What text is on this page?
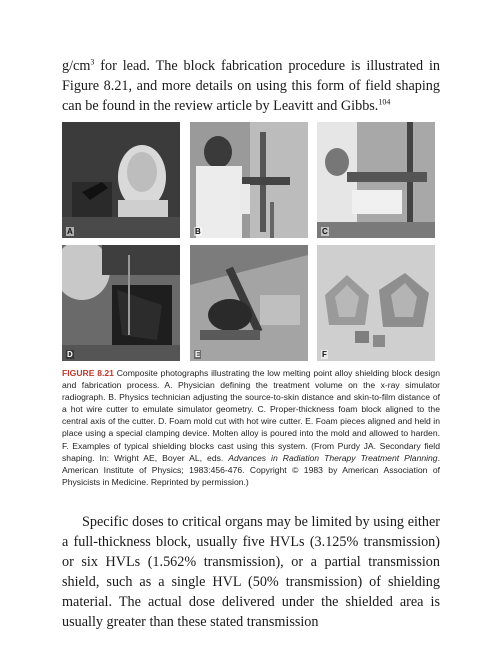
$g/cm^3$ for lead. The block fabrication procedure is illustrated in Figure 8.21, and more details on using this form of field shaping can be found in the review article by Leavitt and Gibbs.$^{104}$

A	B	C
D	E	F

FIGURE 8.21 Composite photographs illustrating the low melting point alloy shielding block design and fabrication process. A. Physician defining the treatment volume on the x-ray simulator radiograph. B. Physics technician adjusting the source-to-skin distance and skin-to-film distance of a hot wire cutter to emulate simulator geometry. C. Proper-thickness foam block aligned to the central axis of the cutter. D. Foam mold cut with hot wire cutter. E. Foam pieces aligned and held in place using a special clamping device. Molten alloy is poured into the mold and allowed to harden. F. Examples of typical shielding blocks cast using this system. (From Purdy JA. Secondary field shaping. In: Wright AE, Boyer AL, eds. Advances in Radiation Therapy Treatment Planning. American Institute of Physics; 1983:456-476. Copyright © 1983 by American Association of Physicists in Medicine. Reprinted by permission.)

Specific doses to critical organs may be limited by using either a full-thickness block, usually five HVLs (3.125% transmission) or six HVLs (1.562% transmission), or a partial transmission shield, such as a single HVL (50% transmission) of shielding material. The actual dose delivered under the shielded area is usually greater than these stated transmission
